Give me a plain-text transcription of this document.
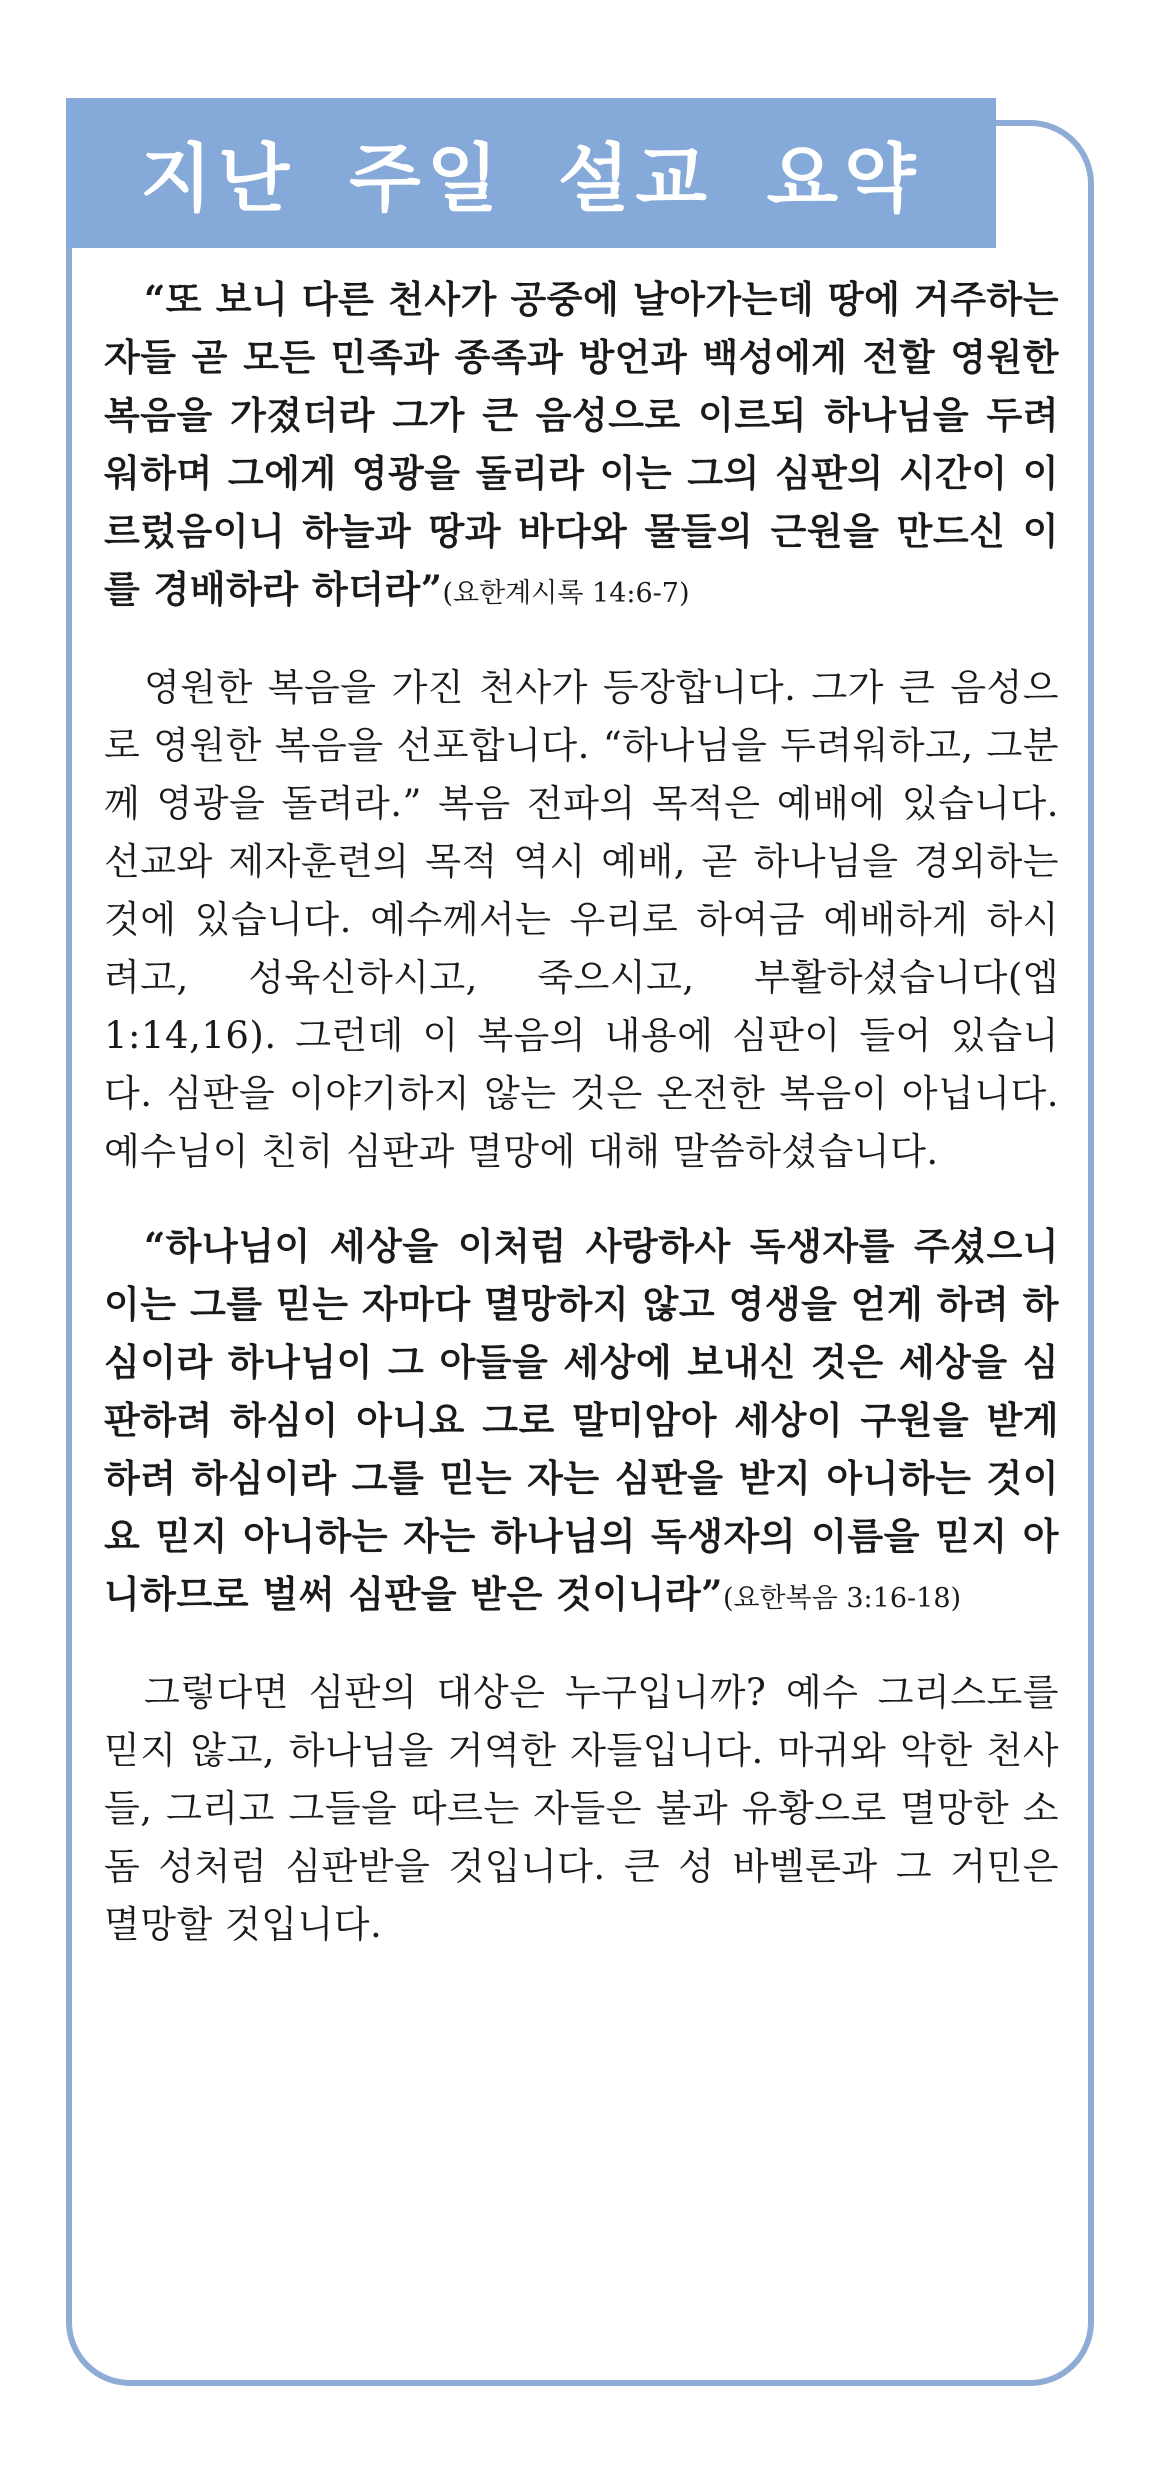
지난 주일 설교 요약

“또 보니 다른 천사가 공중에 날아가는데 땅에 거주하는 자들 곧 모든 민족과 종족과 방언과 백성에게 전할 영원한 복음을 가졌더라 그가 큰 음성으로 이르되 하나님을 두려워하며 그에게 영광을 돌리라 이는 그의 심판의 시간이 이르렀음이니 하늘과 땅과 바다와 물들의 근원을 만드신 이를 경배하라 하더라”(요한계시록 14:6-7)

영원한 복음을 가진 천사가 등장합니다. 그가 큰 음성으로 영원한 복음을 선포합니다. “하나님을 두려워하고, 그분께 영광을 돌려라.” 복음 전파의 목적은 예배에 있습니다. 선교와 제자훈련의 목적 역시 예배, 곧 하나님을 경외하는 것에 있습니다. 예수께서는 우리로 하여금 예배하게 하시려고, 성육신하시고, 죽으시고, 부활하셨습니다(엡1:14,16). 그런데 이 복음의 내용에 심판이 들어 있습니다. 심판을 이야기하지 않는 것은 온전한 복음이 아닙니다. 예수님이 친히 심판과 멸망에 대해 말씀하셨습니다.

“하나님이 세상을 이처럼 사랑하사 독생자를 주셨으니 이는 그를 믿는 자마다 멸망하지 않고 영생을 얻게 하려 하심이라 하나님이 그 아들을 세상에 보내신 것은 세상을 심판하려 하심이 아니요 그로 말미암아 세상이 구원을 받게 하려 하심이라 그를 믿는 자는 심판을 받지 아니하는 것이요 믿지 아니하는 자는 하나님의 독생자의 이름을 믿지 아니하므로 벌써 심판을 받은 것이니라”(요한복음 3:16-18)

그렇다면 심판의 대상은 누구입니까? 예수 그리스도를 믿지 않고, 하나님을 거역한 자들입니다. 마귀와 악한 천사들, 그리고 그들을 따르는 자들은 불과 유황으로 멸망한 소돔 성처럼 심판받을 것입니다. 큰 성 바벨론과 그 거민은 멸망할 것입니다.
